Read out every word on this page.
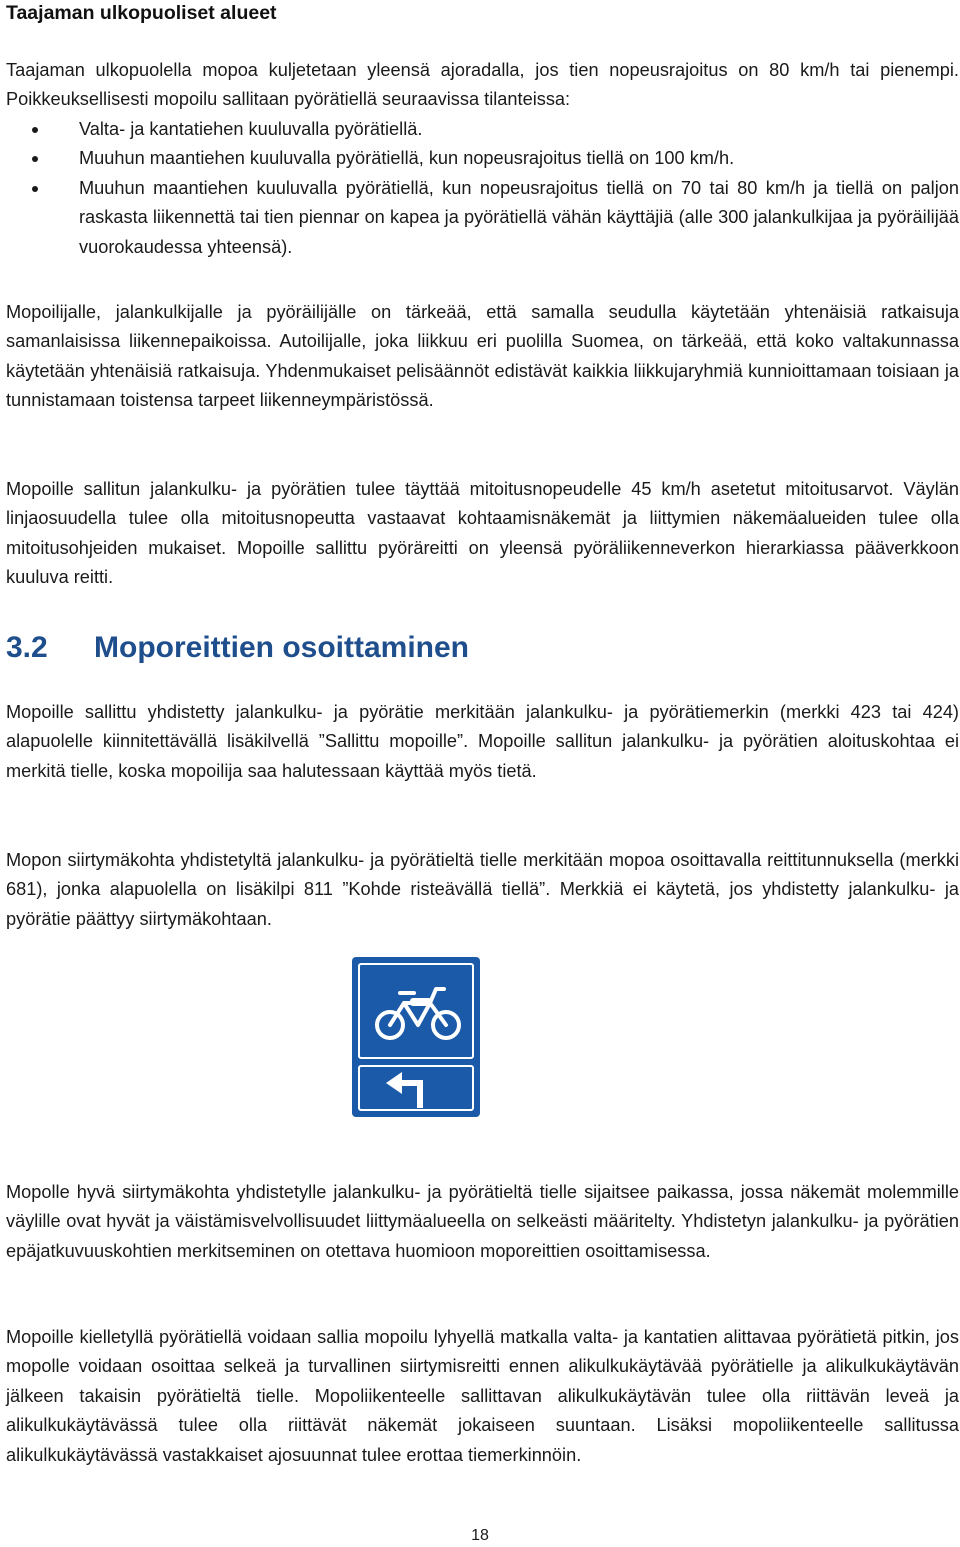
Taajaman ulkopuoliset alueet

Taajaman ulkopuolella mopoa kuljetetaan yleensä ajoradalla, jos tien nopeusrajoitus on 80 km/h tai pienempi. Poikkeuksellisesti mopoilu sallitaan pyörätiellä seuraavissa tilanteissa:

Valta- ja kantatiehen kuuluvalla pyörätiellä.
Muuhun maantiehen kuuluvalla pyörätiellä, kun nopeusrajoitus tiellä on 100 km/h.
Muuhun maantiehen kuuluvalla pyörätiellä, kun nopeusrajoitus tiellä on 70 tai 80 km/h ja tiellä on paljon raskasta liikennettä tai tien piennar on kapea ja pyörätiellä vähän käyttäjiä (alle 300 jalankulkijaa ja pyöräilijää vuorokaudessa yhteensä).

Mopoilijalle, jalankulkijalle ja pyöräilijälle on tärkeää, että samalla seudulla käytetään yhtenäisiä ratkaisuja samanlaisissa liikennepaikoissa. Autoilijalle, joka liikkuu eri puolilla Suomea, on tärkeää, että koko valtakunnassa käytetään yhtenäisiä ratkaisuja. Yhdenmukaiset pelisäännöt edistävät kaikkia liikkujaryhmiä kunnioittamaan toisiaan ja tunnistamaan toistensa tarpeet liikenneympäristössä.

Mopoille sallitun jalankulku- ja pyörätien tulee täyttää mitoitusnopeudelle 45 km/h asetetut mitoitusarvot. Väylän linjaosuudella tulee olla mitoitusnopeutta vastaavat kohtaamisnäkemät ja liittymien näkemäalueiden tulee olla mitoitusohjeiden mukaiset. Mopoille sallittu pyöräreitti on yleensä pyöräliikenneverkon hierarkiassa pääverkkoon kuuluva reitti.

3.2 Moporeittien osoittaminen

Mopoille sallittu yhdistetty jalankulku- ja pyörätie merkitään jalankulku- ja pyörätiemerkin (merkki 423 tai 424) alapuolelle kiinnitettävällä lisäkilvellä ”Sallittu mopoille”. Mopoille sallitun jalankulku- ja pyörätien aloituskohtaa ei merkitä tielle, koska mopoilija saa halutessaan käyttää myös tietä.

Mopon siirtymäkohta yhdistetyltä jalankulku- ja pyörätieltä tielle merkitään mopoa osoittavalla reittitunnuksella (merkki 681), jonka alapuolella on lisäkilpi 811 ”Kohde risteävällä tiellä”. Merkkiä ei käytetä, jos yhdistetty jalankulku- ja pyörätie päättyy siirtymäkohtaan.

Mopolle hyvä siirtymäkohta yhdistetylle jalankulku- ja pyörätieltä tielle sijaitsee paikassa, jossa näkemät molemmille väylille ovat hyvät ja väistämisvelvollisuudet liittymäalueella on selkeästi määritelty. Yhdistetyn jalankulku- ja pyörätien epäjatkuvuuskohtien merkitseminen on otettava huomioon moporeittien osoittamisessa.

Mopoille kielletyllä pyörätiellä voidaan sallia mopoilu lyhyellä matkalla valta- ja kantatien alittavaa pyörätietä pitkin, jos mopolle voidaan osoittaa selkeä ja turvallinen siirtymisreitti ennen alikulkukäytävää pyörätielle ja alikulkukäytävän jälkeen takaisin pyörätieltä tielle. Mopoliikenteelle sallittavan alikulkukäytävän tulee olla riittävän leveä ja alikulkukäytävässä tulee olla riittävät näkemät jokaiseen suuntaan. Lisäksi mopoliikenteelle sallitussa alikulkukäytävässä vastakkaiset ajosuunnat tulee erottaa tiemerkinnöin.

18
